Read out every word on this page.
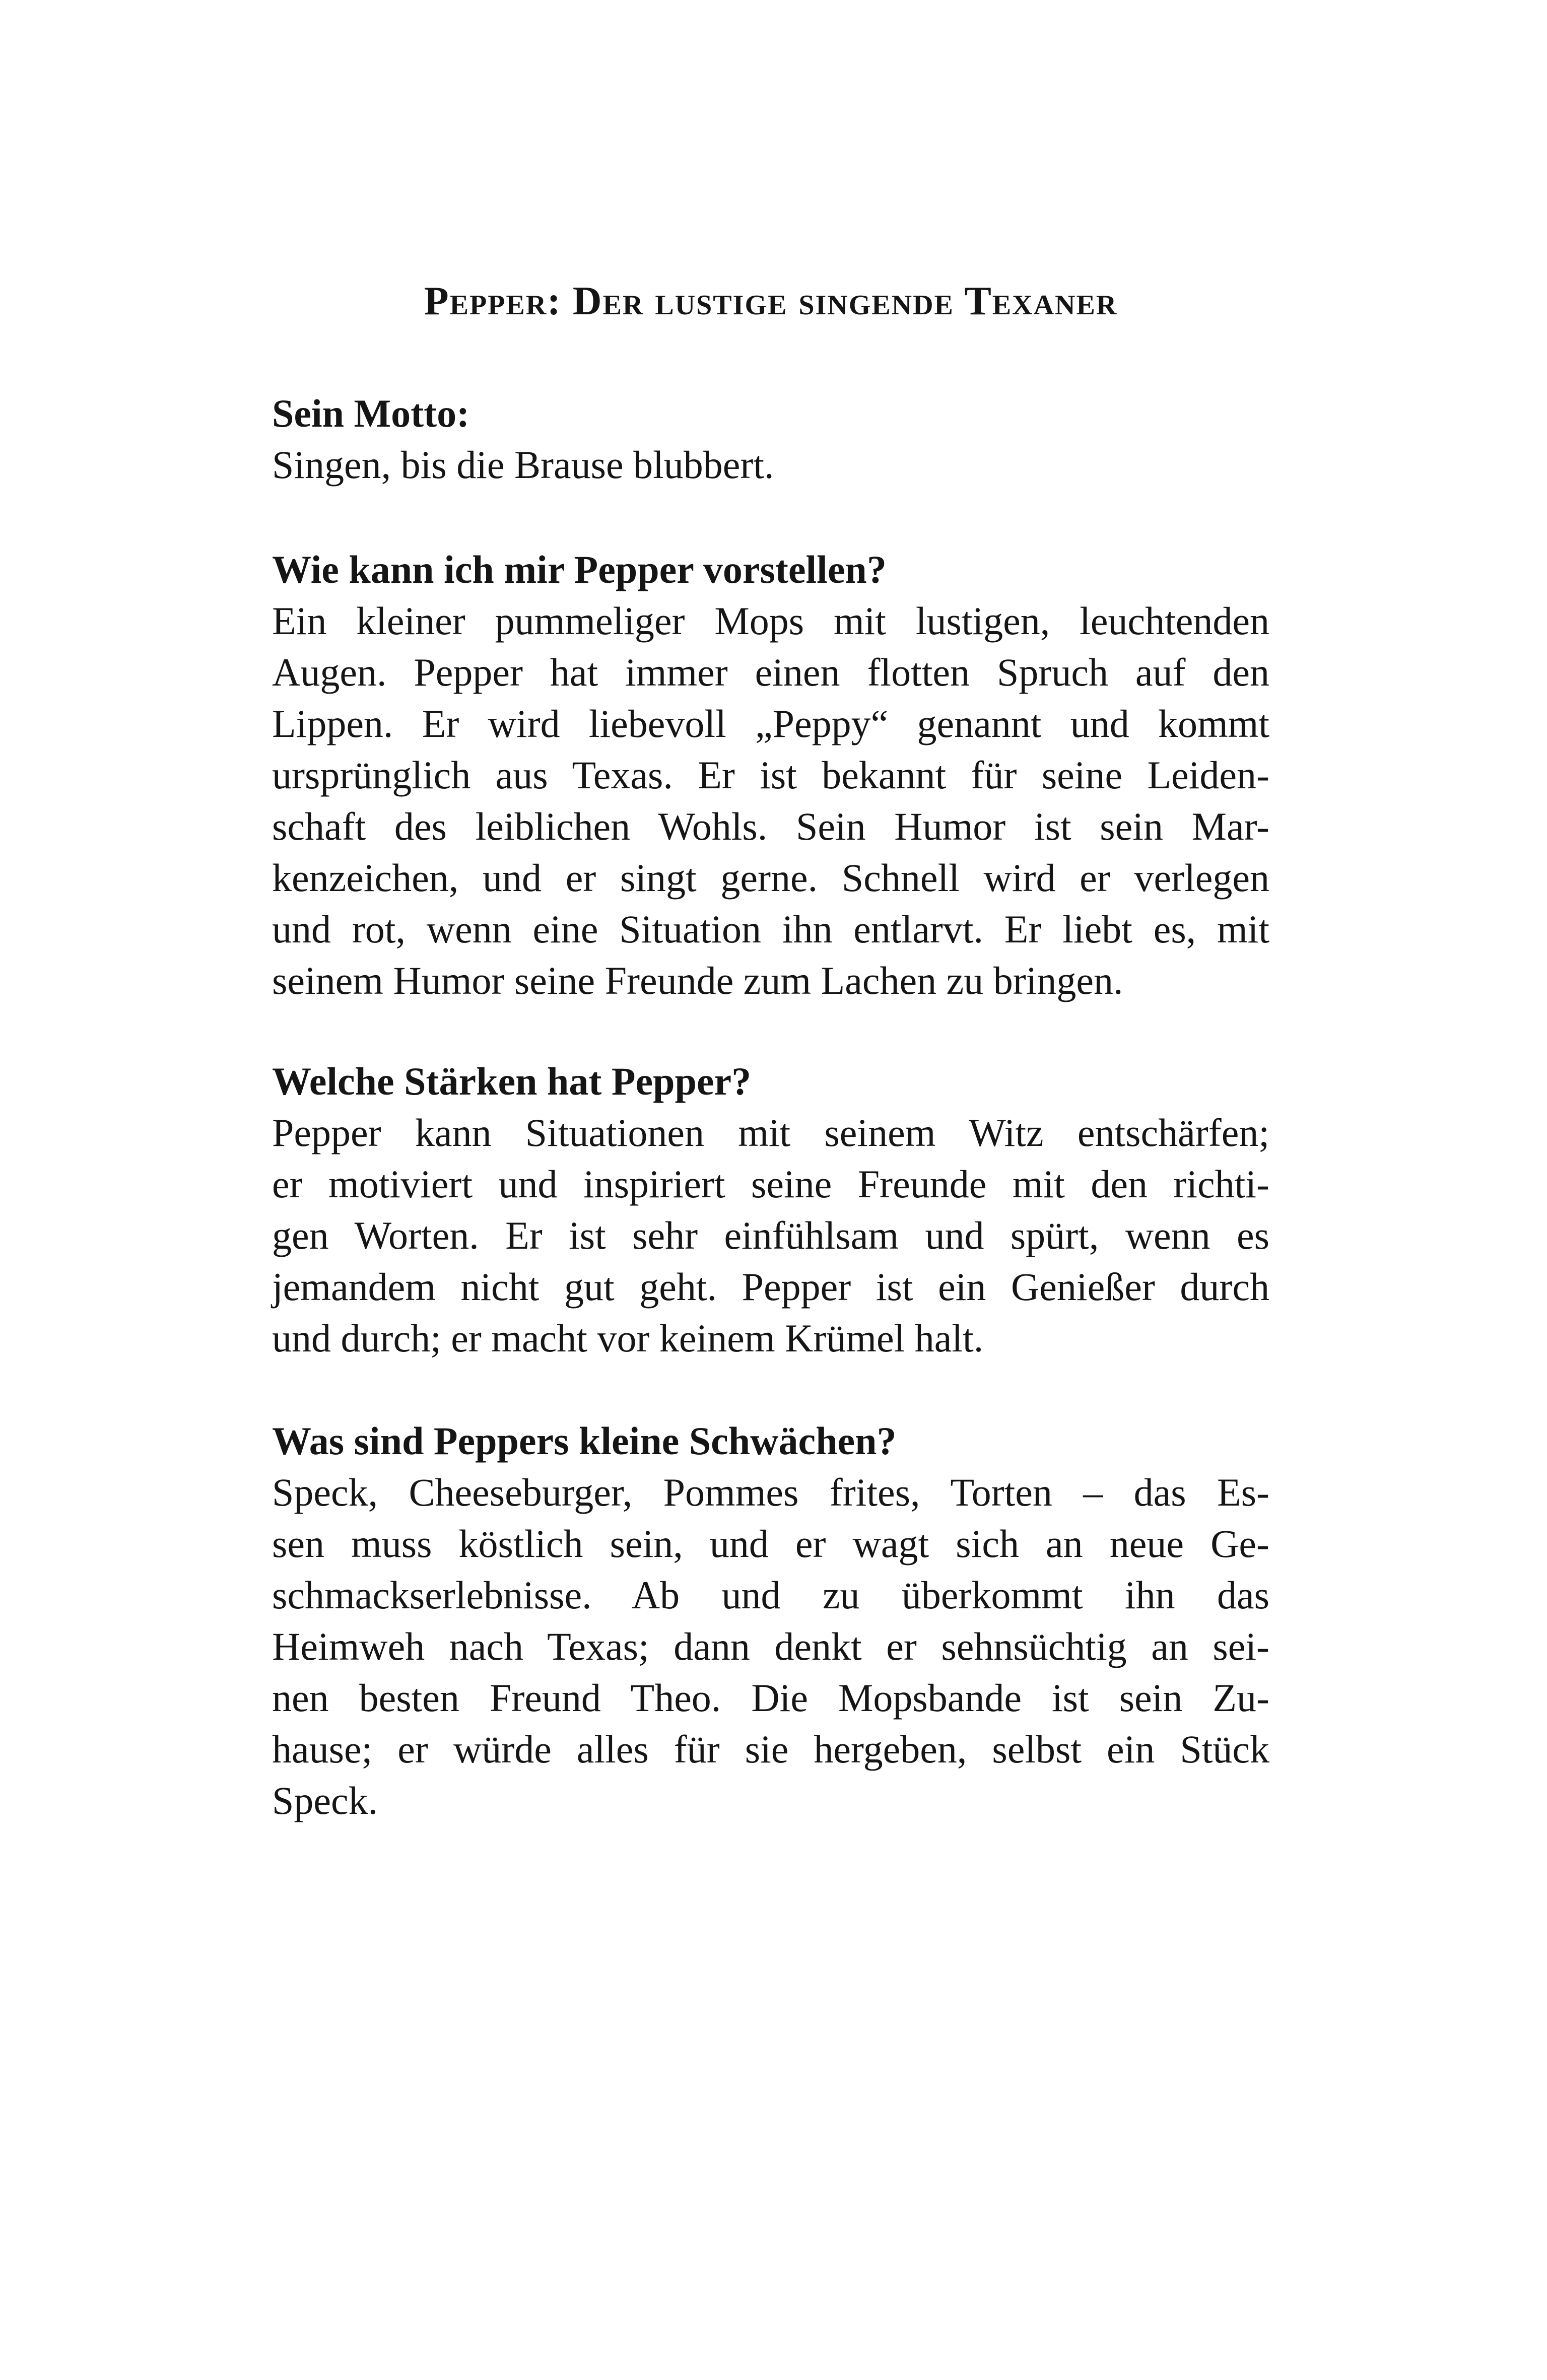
Pepper: Der lustige singende Texaner
Sein Motto:
Singen, bis die Brause blubbert.
Wie kann ich mir Pepper vorstellen?
Ein kleiner pummeliger Mops mit lustigen, leuchtenden
Augen. Pepper hat immer einen flotten Spruch auf den
Lippen. Er wird liebevoll „Peppy“ genannt und kommt
ursprünglich aus Texas. Er ist bekannt für seine Leiden-
schaft des leiblichen Wohls. Sein Humor ist sein Mar-
kenzeichen, und er singt gerne. Schnell wird er verlegen
und rot, wenn eine Situation ihn entlarvt. Er liebt es, mit
seinem Humor seine Freunde zum Lachen zu bringen.
Welche Stärken hat Pepper?
Pepper kann Situationen mit seinem Witz entschärfen;
er motiviert und inspiriert seine Freunde mit den richti-
gen Worten. Er ist sehr einfühlsam und spürt, wenn es
jemandem nicht gut geht. Pepper ist ein Genießer durch
und durch; er macht vor keinem Krümel halt.
Was sind Peppers kleine Schwächen?
Speck, Cheeseburger, Pommes frites, Torten – das Es-
sen muss köstlich sein, und er wagt sich an neue Ge-
schmackserlebnisse. Ab und zu überkommt ihn das
Heimweh nach Texas; dann denkt er sehnsüchtig an sei-
nen besten Freund Theo. Die Mopsbande ist sein Zu-
hause; er würde alles für sie hergeben, selbst ein Stück
Speck.
